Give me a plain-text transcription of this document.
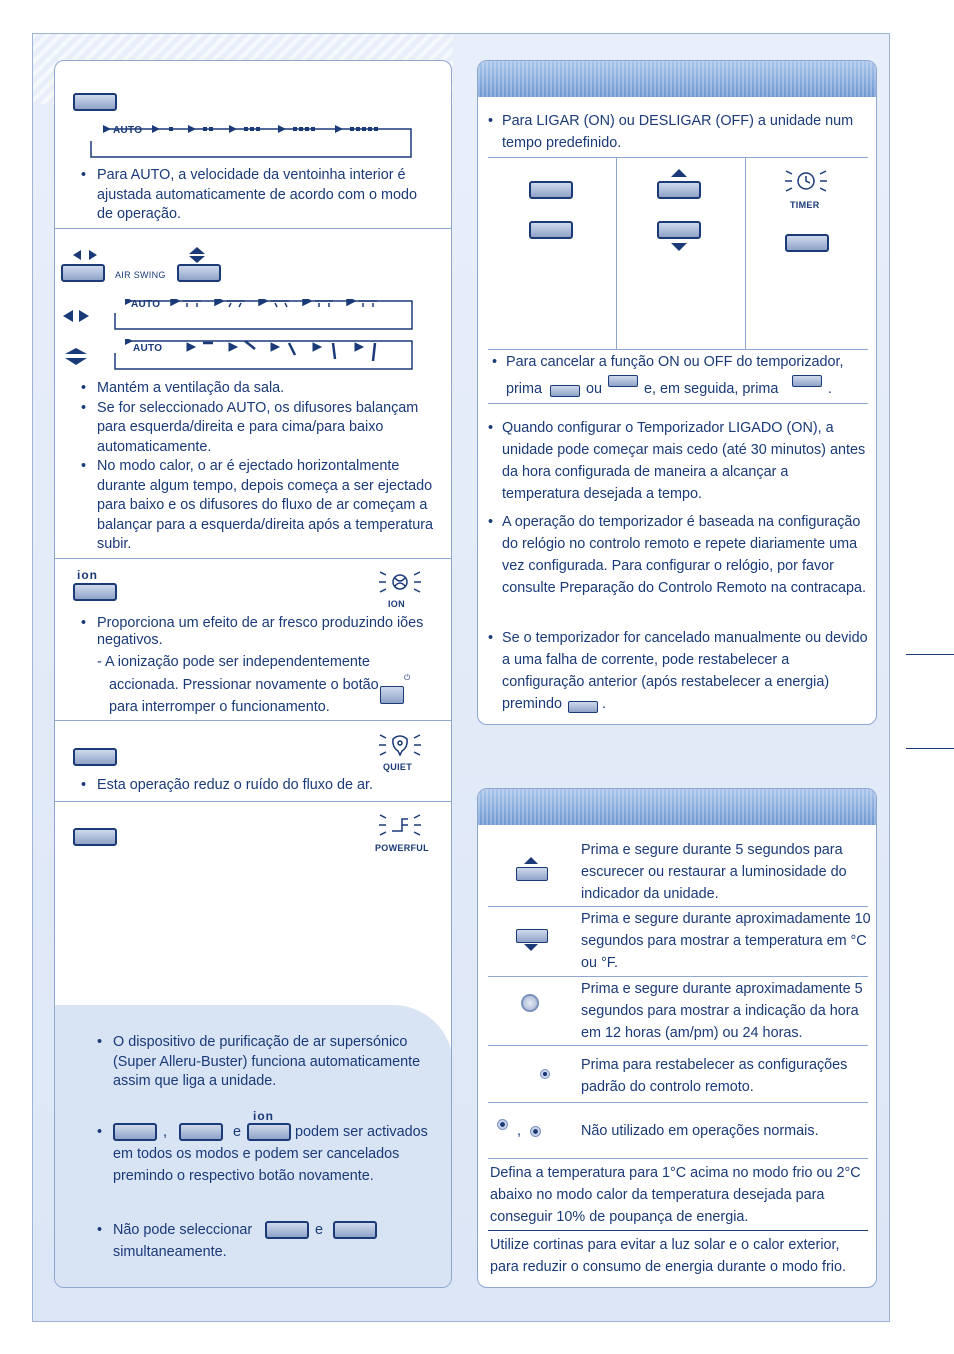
AUTO
• Para AUTO, a velocidade da ventoinha interior é ajustada automaticamente de acordo com o modo de operação.
AIR SWING
AUTO
AUTO
• Mantém a ventilação da sala.
• Se for seleccionado AUTO, os difusores balançam para esquerda/direita e para cima/para baixo automaticamente.
• No modo calor, o ar é ejectado horizontalmente durante algum tempo, depois começa a ser ejectado para baixo e os difusores do fluxo de ar começam a balançar para a esquerda/direita após a temperatura subir.
ion
ION
• Proporciona um efeito de ar fresco produzindo iões negativos.
- A ionização pode ser independentemente
accionada. Pressionar novamente o botão
para interromper o funcionamento.
⏻
QUIET
• Esta operação reduz o ruído do fluxo de ar.
POWERFUL
• O dispositivo de purificação de ar supersónico (Super Alleru-Buster) funciona automaticamente assim que liga a unidade.
ion
•	,	e	podem ser activados
em todos os modos e podem ser cancelados
premindo o respectivo botão novamente.
• Não pode seleccionar	e
simultaneamente.
• Para LIGAR (ON) ou DESLIGAR (OFF) a unidade num tempo predefinido.
TIMER
• Para cancelar a função ON ou OFF do temporizador,
prima	ou	e, em seguida, prima	.
• Quando configurar o Temporizador LIGADO (ON), a unidade pode começar mais cedo (até 30 minutos) antes da hora configurada de maneira a alcançar a temperatura desejada a tempo.
• A operação do temporizador é baseada na configuração do relógio no controlo remoto e repete diariamente uma vez configurada. Para configurar o relógio, por favor consulte Preparação do Controlo Remoto na contracapa.
• Se o temporizador for cancelado manualmente ou devido a uma falha de corrente, pode restabelecer a configuração anterior (após restabelecer a energia)
premindo	.
Prima e segure durante 5 segundos para escurecer ou restaurar a luminosidade do indicador da unidade.
Prima e segure durante aproximadamente 10 segundos para mostrar a temperatura em °C ou °F.
Prima e segure durante aproximadamente 5 segundos para mostrar a indicação da hora em 12 horas (am/pm) ou 24 horas.
Prima para restabelecer as configurações padrão do controlo remoto.
,	Não utilizado em operações normais.
Defina a temperatura para 1°C acima no modo frio ou 2°C abaixo no modo calor da temperatura desejada para conseguir 10% de poupança de energia.
Utilize cortinas para evitar a luz solar e o calor exterior, para reduzir o consumo de energia durante o modo frio.
